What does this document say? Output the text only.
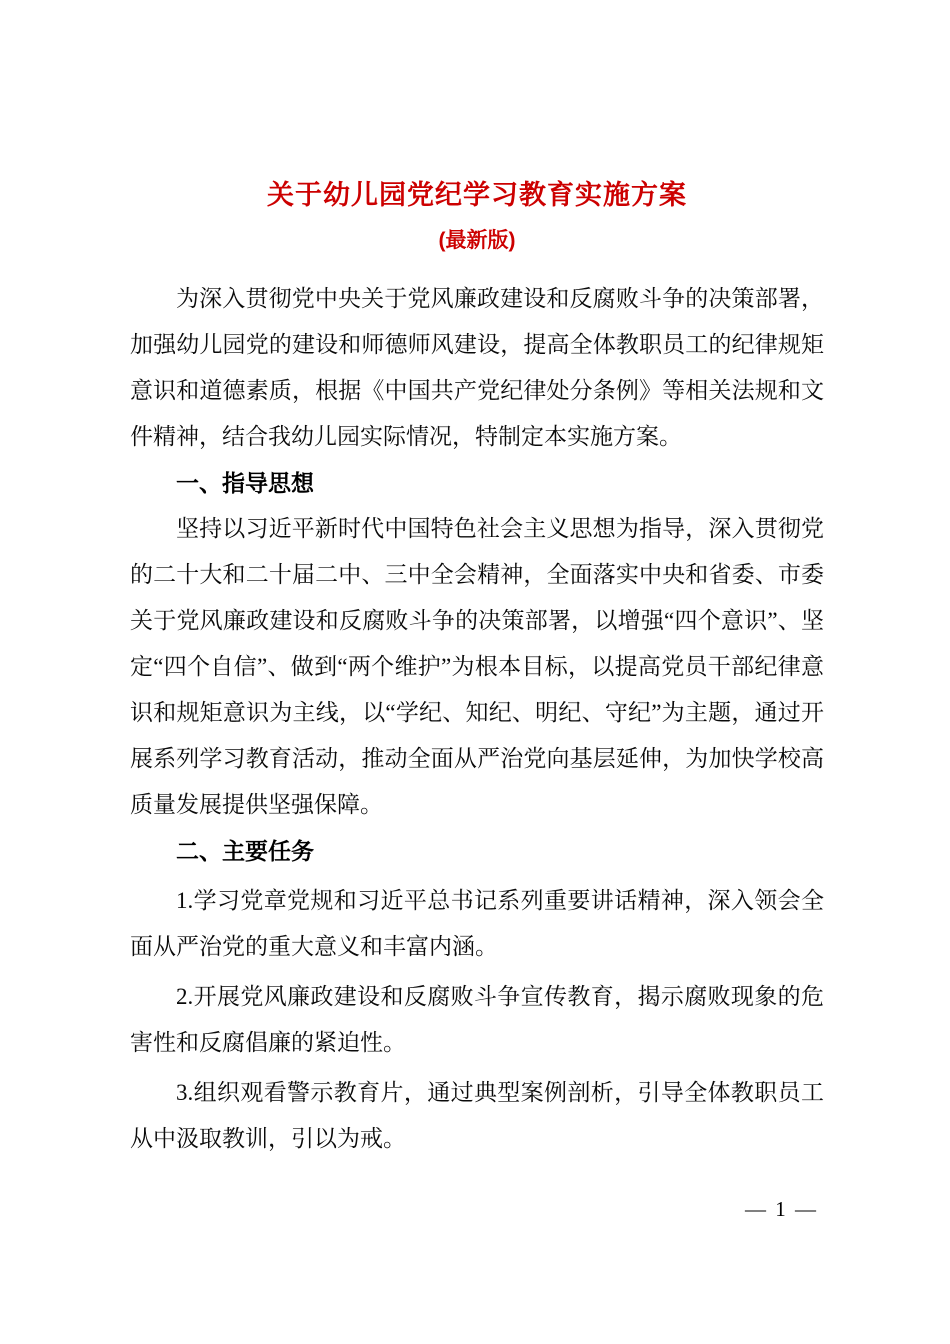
关于幼儿园党纪学习教育实施方案
(最新版)

为深入贯彻党中央关于党风廉政建设和反腐败斗争的决策部署，加强幼儿园党的建设和师德师风建设，提高全体教职员工的纪律规矩意识和道德素质，根据《中国共产党纪律处分条例》等相关法规和文件精神，结合我幼儿园实际情况，特制定本实施方案。

一、指导思想

坚持以习近平新时代中国特色社会主义思想为指导，深入贯彻党的二十大和二十届二中、三中全会精神，全面落实中央和省委、市委关于党风廉政建设和反腐败斗争的决策部署，以增强“四个意识”、坚定“四个自信”、做到“两个维护”为根本目标，以提高党员干部纪律意识和规矩意识为主线，以“学纪、知纪、明纪、守纪”为主题，通过开展系列学习教育活动，推动全面从严治党向基层延伸，为加快学校高质量发展提供坚强保障。

二、主要任务

1.学习党章党规和习近平总书记系列重要讲话精神，深入领会全面从严治党的重大意义和丰富内涵。

2.开展党风廉政建设和反腐败斗争宣传教育，揭示腐败现象的危害性和反腐倡廉的紧迫性。

3.组织观看警示教育片，通过典型案例剖析，引导全体教职员工从中汲取教训，引以为戒。

— 1 —
